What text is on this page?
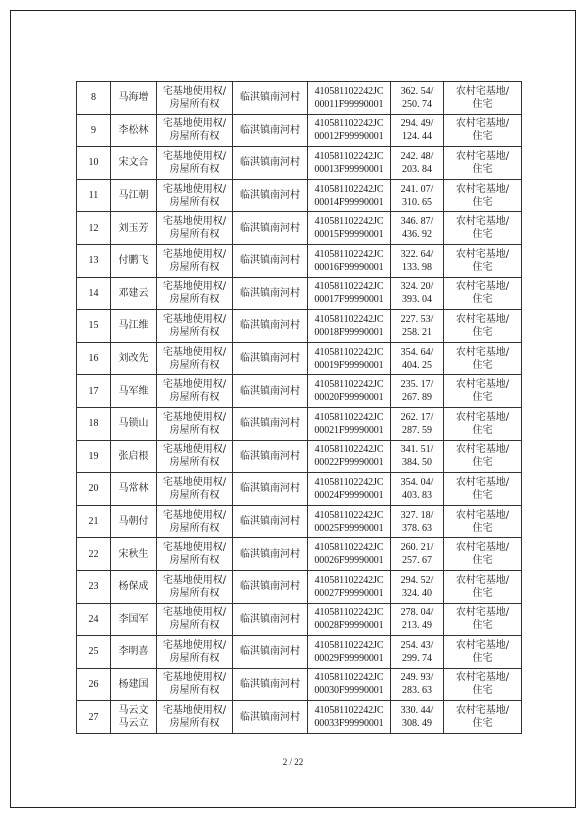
8	马海增	宅基地使用权/
房屋所有权	临淇镇南河村	410581102242JC
00011F99990001	362. 54/
250. 74	农村宅基地/
住宅

9	李松林	宅基地使用权/
房屋所有权	临淇镇南河村	410581102242JC
00012F99990001	294. 49/
124. 44	农村宅基地/
住宅

10	宋文合	宅基地使用权/
房屋所有权	临淇镇南河村	410581102242JC
00013F99990001	242. 48/
203. 84	农村宅基地/
住宅

11	马江朝	宅基地使用权/
房屋所有权	临淇镇南河村	410581102242JC
00014F99990001	241. 07/
310. 65	农村宅基地/
住宅

12	刘玉芳	宅基地使用权/
房屋所有权	临淇镇南河村	410581102242JC
00015F99990001	346. 87/
436. 92	农村宅基地/
住宅

13	付鹏飞	宅基地使用权/
房屋所有权	临淇镇南河村	410581102242JC
00016F99990001	322. 64/
133. 98	农村宅基地/
住宅

14	邓建云	宅基地使用权/
房屋所有权	临淇镇南河村	410581102242JC
00017F99990001	324. 20/
393. 04	农村宅基地/
住宅

15	马江维	宅基地使用权/
房屋所有权	临淇镇南河村	410581102242JC
00018F99990001	227. 53/
258. 21	农村宅基地/
住宅

16	刘改先	宅基地使用权/
房屋所有权	临淇镇南河村	410581102242JC
00019F99990001	354. 64/
404. 25	农村宅基地/
住宅

17	马军维	宅基地使用权/
房屋所有权	临淇镇南河村	410581102242JC
00020F99990001	235. 17/
267. 89	农村宅基地/
住宅

18	马锁山	宅基地使用权/
房屋所有权	临淇镇南河村	410581102242JC
00021F99990001	262. 17/
287. 59	农村宅基地/
住宅

19	张启根	宅基地使用权/
房屋所有权	临淇镇南河村	410581102242JC
00022F99990001	341. 51/
384. 50	农村宅基地/
住宅

20	马常林	宅基地使用权/
房屋所有权	临淇镇南河村	410581102242JC
00024F99990001	354. 04/
403. 83	农村宅基地/
住宅

21	马朝付	宅基地使用权/
房屋所有权	临淇镇南河村	410581102242JC
00025F99990001	327. 18/
378. 63	农村宅基地/
住宅

22	宋秋生	宅基地使用权/
房屋所有权	临淇镇南河村	410581102242JC
00026F99990001	260. 21/
257. 67	农村宅基地/
住宅

23	杨保成	宅基地使用权/
房屋所有权	临淇镇南河村	410581102242JC
00027F99990001	294. 52/
324. 40	农村宅基地/
住宅

24	李国军	宅基地使用权/
房屋所有权	临淇镇南河村	410581102242JC
00028F99990001	278. 04/
213. 49	农村宅基地/
住宅

25	李明喜	宅基地使用权/
房屋所有权	临淇镇南河村	410581102242JC
00029F99990001	254. 43/
299. 74	农村宅基地/
住宅

26	杨建国	宅基地使用权/
房屋所有权	临淇镇南河村	410581102242JC
00030F99990001	249. 93/
283. 63	农村宅基地/
住宅

27	马云文
马云立	宅基地使用权/
房屋所有权	临淇镇南河村	410581102242JC
00033F99990001	330. 44/
308. 49	农村宅基地/
住宅
2 / 22
